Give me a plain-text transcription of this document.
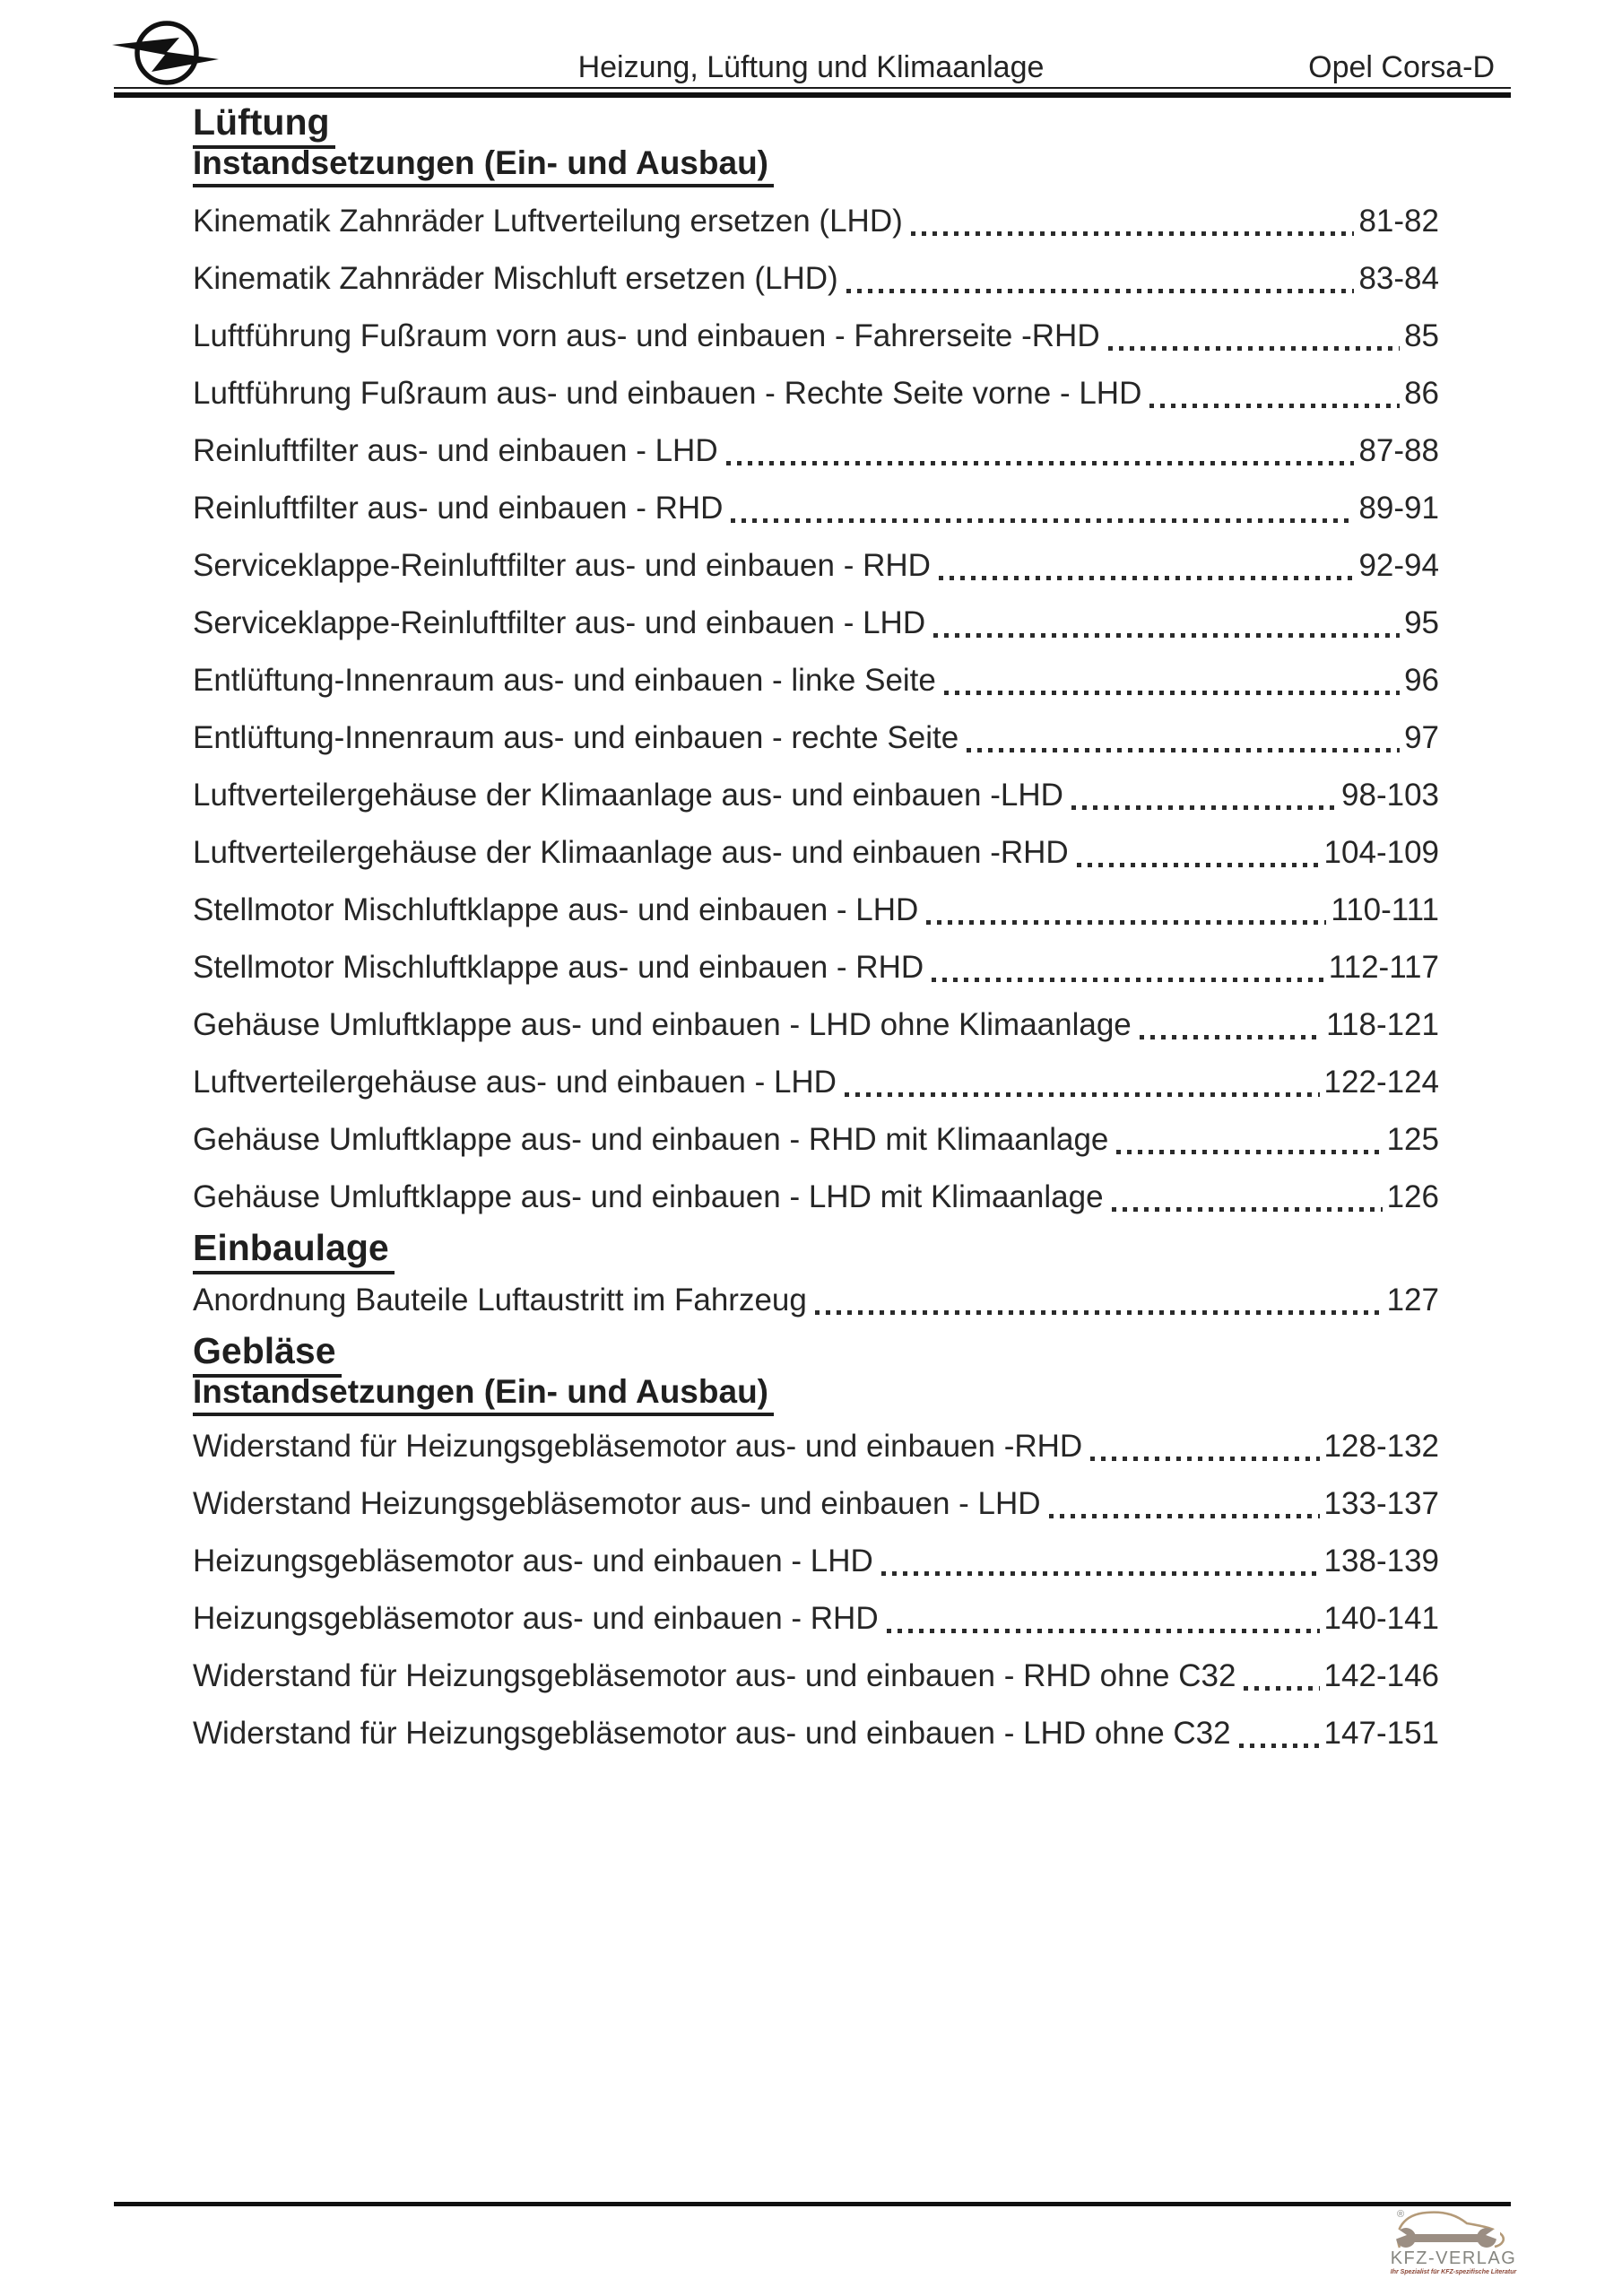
Heizung, Lüftung und Klimaanlage	Opel Corsa-D
Lüftung
Instandsetzungen (Ein- und Ausbau)
Kinematik Zahnräder Luftverteilung ersetzen (LHD)	81-82
Kinematik Zahnräder Mischluft ersetzen (LHD)	83-84
Luftführung Fußraum vorn aus- und einbauen - Fahrerseite -RHD	85
Luftführung Fußraum aus- und einbauen - Rechte Seite vorne - LHD	86
Reinluftfilter aus- und einbauen - LHD	87-88
Reinluftfilter aus- und einbauen - RHD	89-91
Serviceklappe-Reinluftfilter aus- und einbauen - RHD	92-94
Serviceklappe-Reinluftfilter aus- und einbauen - LHD	95
Entlüftung-Innenraum aus- und einbauen - linke Seite	96
Entlüftung-Innenraum aus- und einbauen - rechte Seite	97
Luftverteilergehäuse der Klimaanlage aus- und einbauen -LHD	98-103
Luftverteilergehäuse der Klimaanlage aus- und einbauen -RHD	104-109
Stellmotor Mischluftklappe aus- und einbauen - LHD	110-111
Stellmotor Mischluftklappe aus- und einbauen - RHD	112-117
Gehäuse Umluftklappe aus- und einbauen - LHD ohne Klimaanlage	118-121
Luftverteilergehäuse aus- und einbauen - LHD	122-124
Gehäuse Umluftklappe aus- und einbauen - RHD mit Klimaanlage	125
Gehäuse Umluftklappe aus- und einbauen - LHD mit Klimaanlage	126
Einbaulage
Anordnung Bauteile Luftaustritt im Fahrzeug	127
Gebläse
Instandsetzungen (Ein- und Ausbau)
Widerstand für Heizungsgebläsemotor aus- und einbauen -RHD	128-132
Widerstand Heizungsgebläsemotor aus- und einbauen - LHD	133-137
Heizungsgebläsemotor aus- und einbauen - LHD	138-139
Heizungsgebläsemotor aus- und einbauen - RHD	140-141
Widerstand für Heizungsgebläsemotor aus- und einbauen - RHD ohne C32	142-146
Widerstand für Heizungsgebläsemotor aus- und einbauen - LHD ohne C32	147-151
®
KFZ-VERLAG
Ihr Spezialist für KFZ-spezifische Literatur
